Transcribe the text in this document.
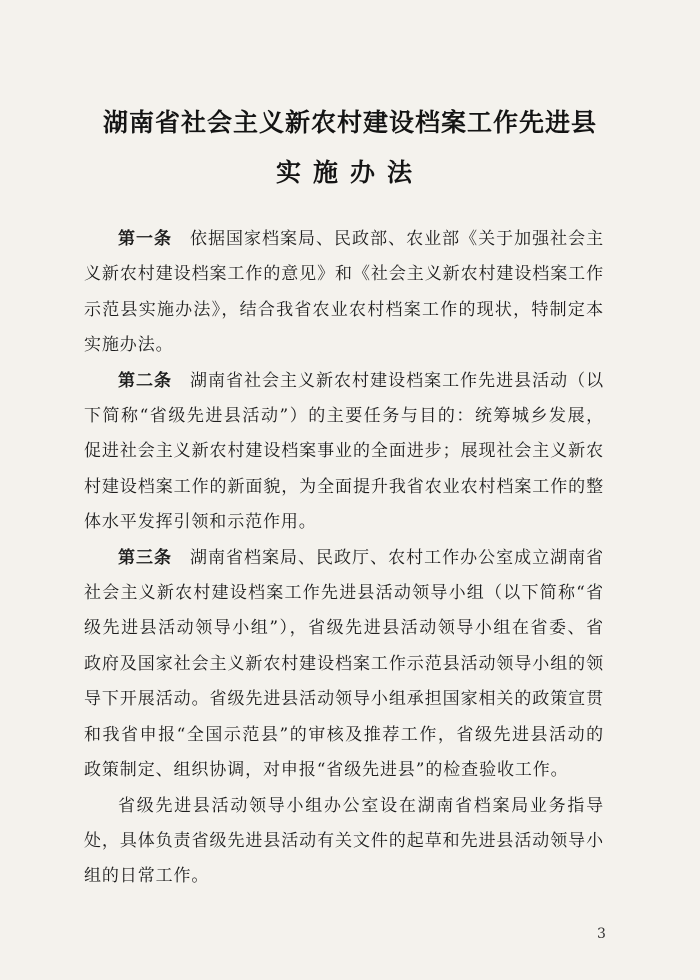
湖南省社会主义新农村建设档案工作先进县
实施办法

第一条　 依据国家档案局、民政部、农业部《关于加强社会主义新农村建设档案工作的意见》和《社会主义新农村建设档案工作示范县实施办法》，结合我省农业农村档案工作的现状，特制定本实施办法。

第二条　 湖南省社会主义新农村建设档案工作先进县活动（以下简称“省级先进县活动”）的主要任务与目的：统筹城乡发展，促进社会主义新农村建设档案事业的全面进步；展现社会主义新农村建设档案工作的新面貌，为全面提升我省农业农村档案工作的整体水平发挥引领和示范作用。

第三条　 湖南省档案局、民政厅、农村工作办公室成立湖南省社会主义新农村建设档案工作先进县活动领导小组（以下简称“省级先进县活动领导小组”），省级先进县活动领导小组在省委、省政府及国家社会主义新农村建设档案工作示范县活动领导小组的领导下开展活动。省级先进县活动领导小组承担国家相关的政策宣贯和我省申报“全国示范县”的审核及推荐工作，省级先进县活动的政策制定、组织协调，对申报“省级先进县”的检查验收工作。

省级先进县活动领导小组办公室设在湖南省档案局业务指导处，具体负责省级先进县活动有关文件的起草和先进县活动领导小组的日常工作。

3
